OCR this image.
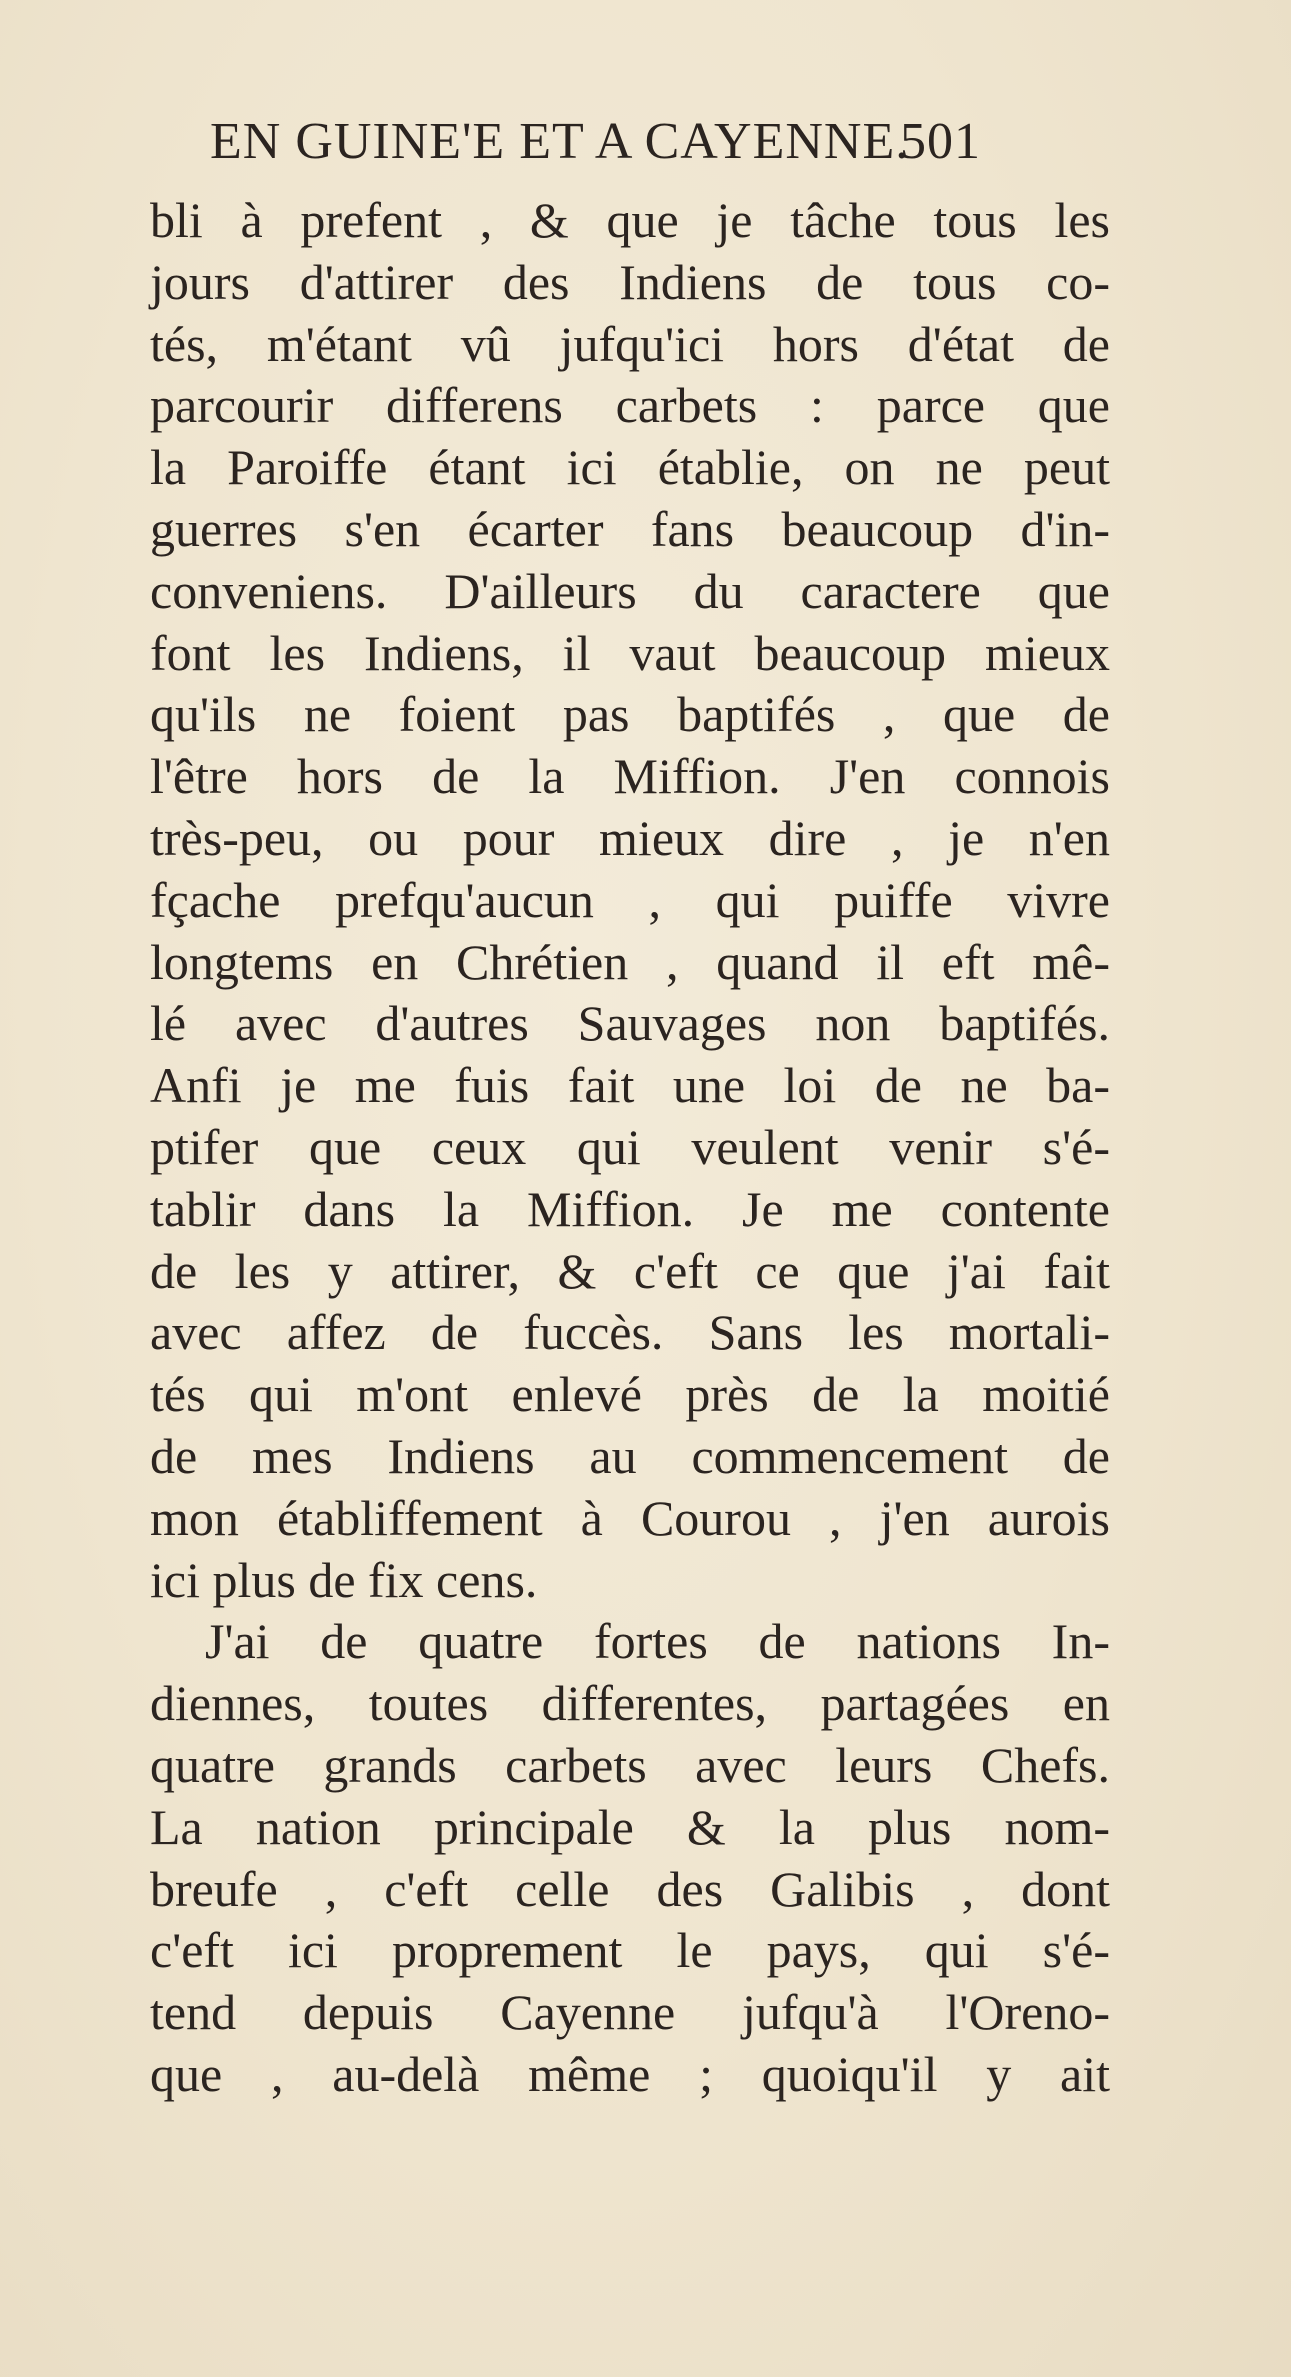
EN GUINE'E ET A CAYENNE.
501
bli à prefent , & que je tâche tous les
jours d'attirer des Indiens de tous co-
tés, m'étant vû jufqu'ici hors d'état de
parcourir differens carbets : parce que
la Paroiffe étant ici établie, on ne peut
guerres s'en écarter fans beaucoup d'in-
conveniens. D'ailleurs du caractere que
font les Indiens, il vaut beaucoup mieux
qu'ils ne foient pas baptifés , que de
l'être hors de la Miffion. J'en connois
très-peu, ou pour mieux dire , je n'en
fçache prefqu'aucun , qui puiffe vivre
longtems en Chrétien , quand il eft mê-
lé avec d'autres Sauvages non baptifés.
Anfi je me fuis fait une loi de ne ba-
ptifer que ceux qui veulent venir s'é-
tablir dans la Miffion. Je me contente
de les y attirer, & c'eft ce que j'ai fait
avec affez de fuccès. Sans les mortali-
tés qui m'ont enlevé près de la moitié
de mes Indiens au commencement de
mon établiffement à Courou , j'en aurois
ici plus de fix cens.
J'ai de quatre fortes de nations In-
diennes, toutes differentes, partagées en
quatre grands carbets avec leurs Chefs.
La nation principale & la plus nom-
breufe , c'eft celle des Galibis , dont
c'eft ici proprement le pays, qui s'é-
tend depuis Cayenne jufqu'à l'Oreno-
que , au-delà même ; quoiqu'il y ait
